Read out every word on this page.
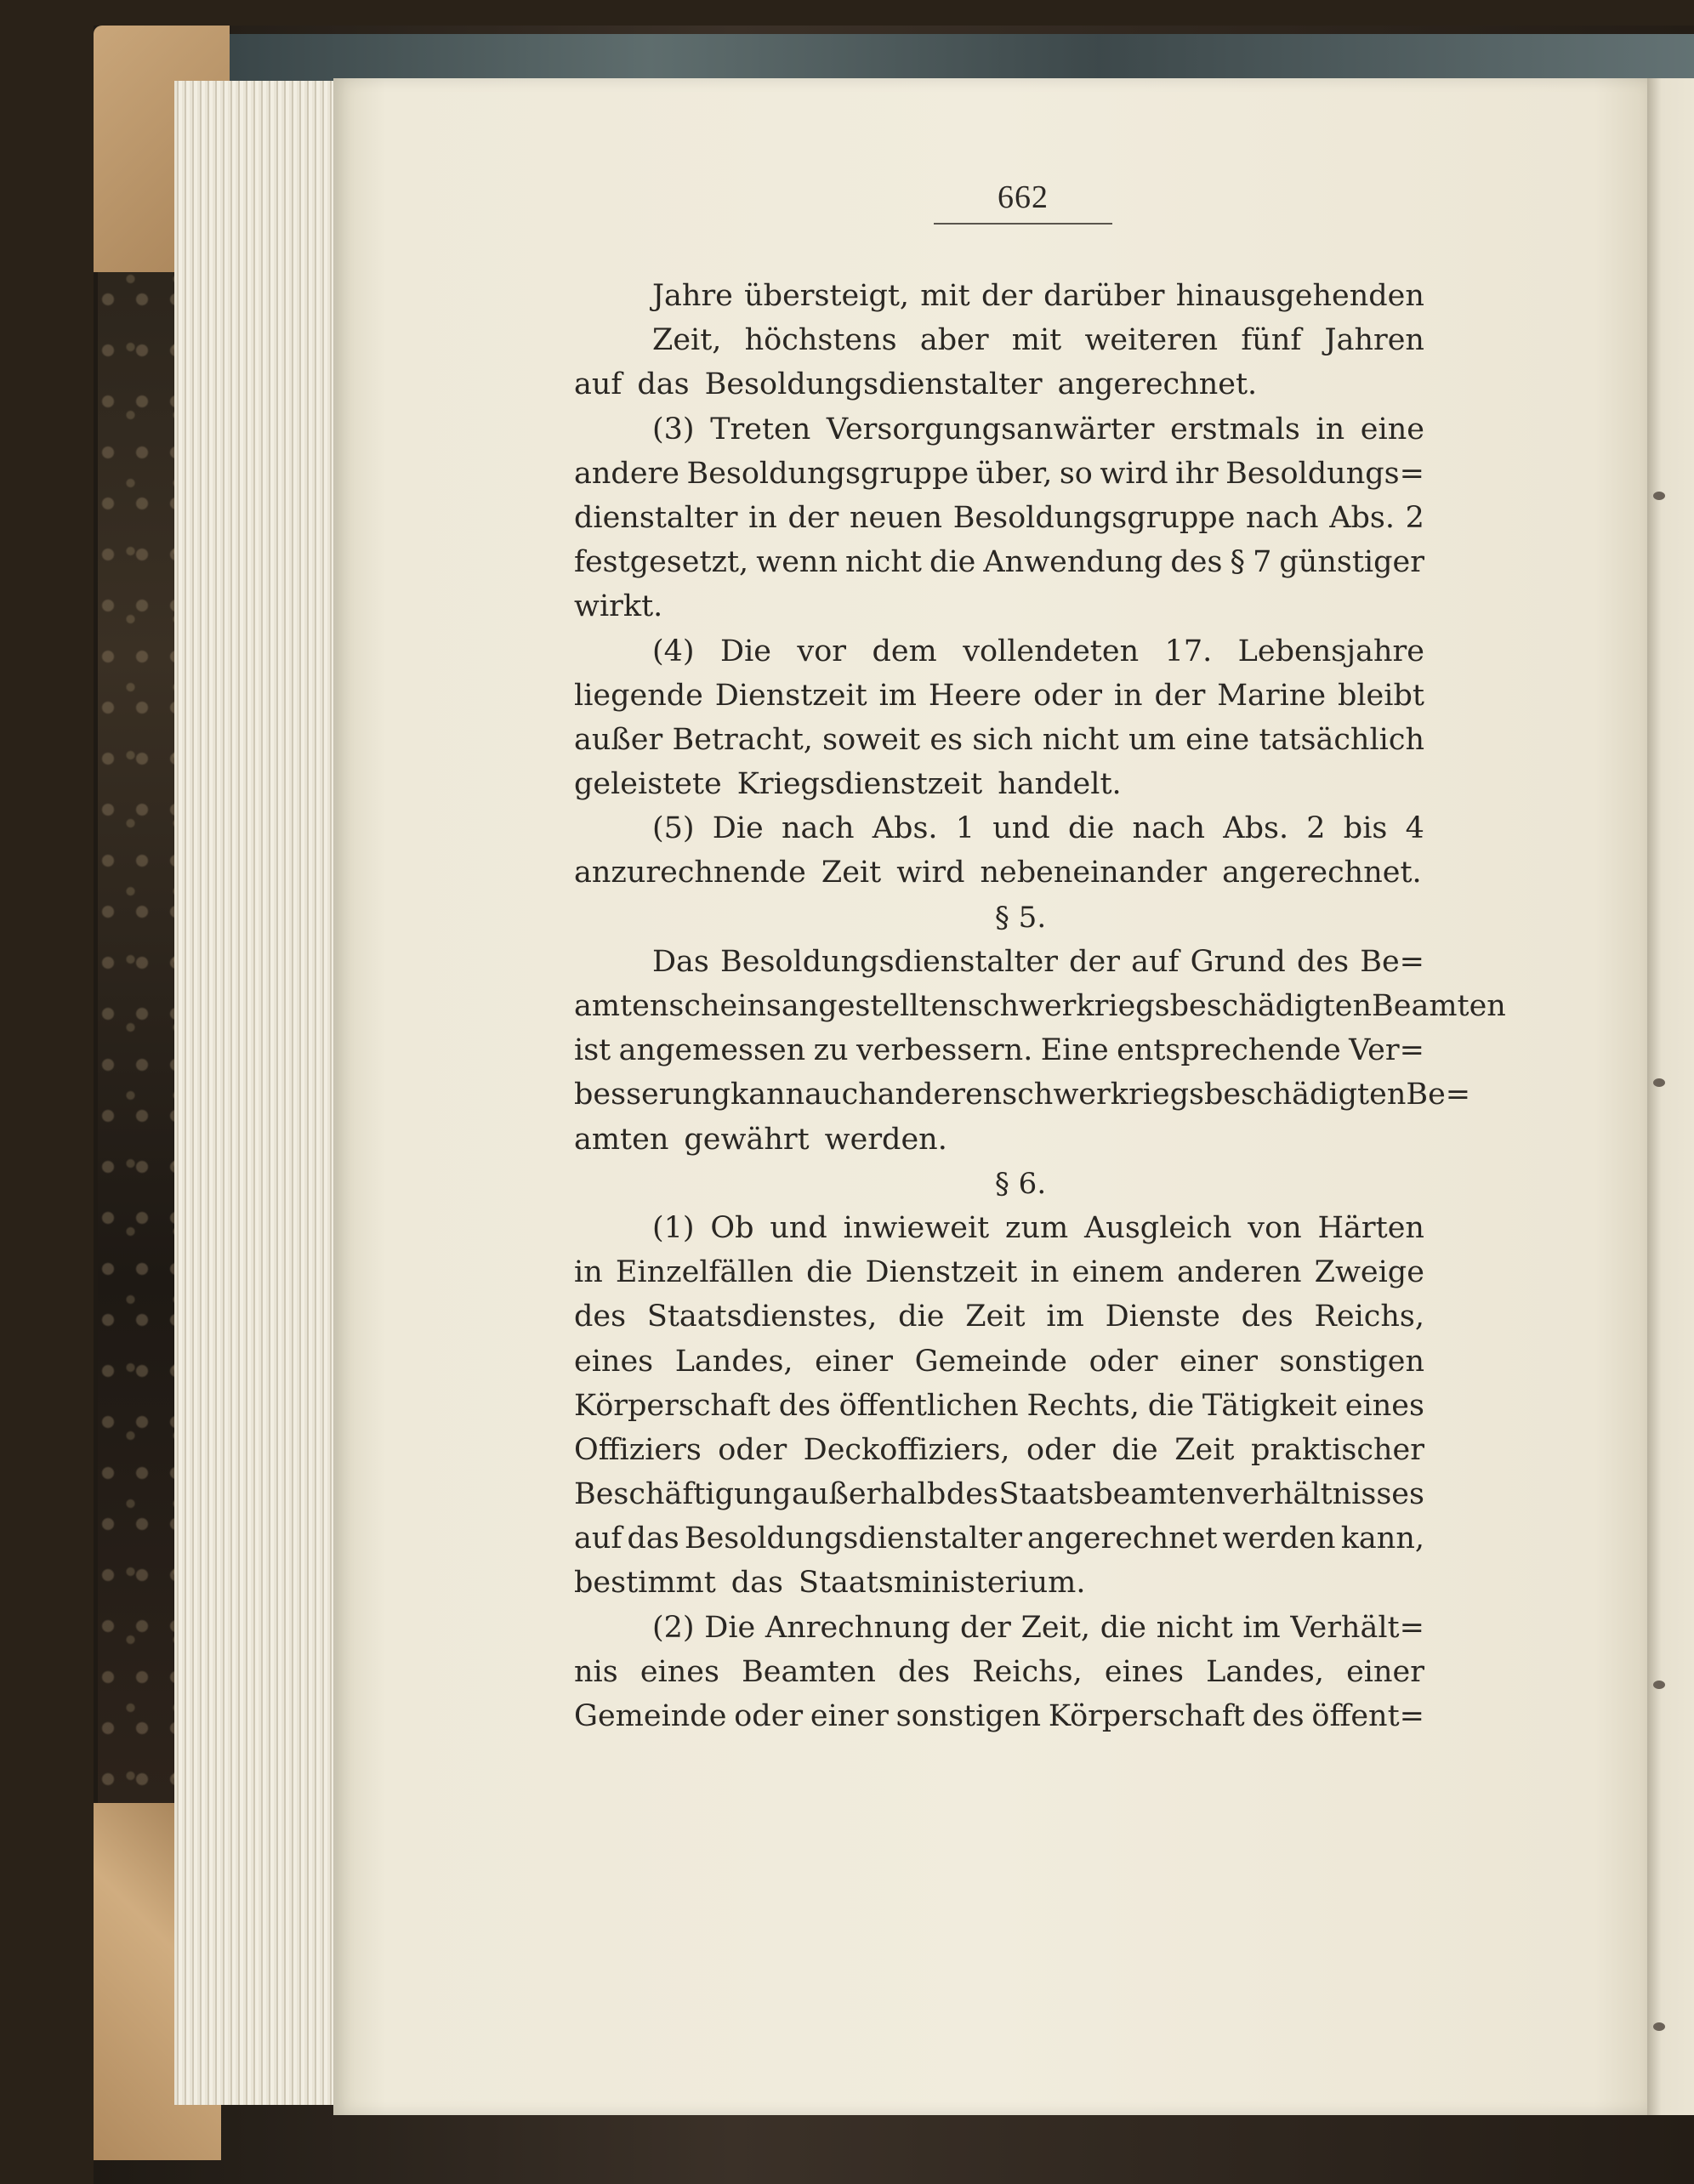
662
Jahre übersteigt, mit der darüber hinausgehenden
Zeit, höchstens aber mit weiteren fünf Jahren
auf das Besoldungsdienstalter angerechnet.
(3) Treten Versorgungsanwärter erstmals in eine
andere Besoldungsgruppe über, so wird ihr Besoldungs=
dienstalter in der neuen Besoldungsgruppe nach Abs. 2
festgesetzt, wenn nicht die Anwendung des § 7 günstiger
wirkt.
(4) Die vor dem vollendeten 17. Lebensjahre
liegende Dienstzeit im Heere oder in der Marine bleibt
außer Betracht, soweit es sich nicht um eine tatsächlich
geleistete Kriegsdienstzeit handelt.
(5) Die nach Abs. 1 und die nach Abs. 2 bis 4
anzurechnende Zeit wird nebeneinander angerechnet.
§ 5.
Das Besoldungsdienstalter der auf Grund des Be=
amtenscheins angestellten schwerkriegsbeschädigten Beamten
ist angemessen zu verbessern. Eine entsprechende Ver=
besserung kann auch anderen schwerkriegsbeschädigten Be=
amten gewährt werden.
§ 6.
(1) Ob und inwieweit zum Ausgleich von Härten
in Einzelfällen die Dienstzeit in einem anderen Zweige
des Staatsdienstes, die Zeit im Dienste des Reichs,
eines Landes, einer Gemeinde oder einer sonstigen
Körperschaft des öffentlichen Rechts, die Tätigkeit eines
Offiziers oder Deckoffiziers, oder die Zeit praktischer
Beschäftigung außerhalb des Staatsbeamtenverhältnisses
auf das Besoldungsdienstalter angerechnet werden kann,
bestimmt das Staatsministerium.
(2) Die Anrechnung der Zeit, die nicht im Verhält=
nis eines Beamten des Reichs, eines Landes, einer
Gemeinde oder einer sonstigen Körperschaft des öffent=
